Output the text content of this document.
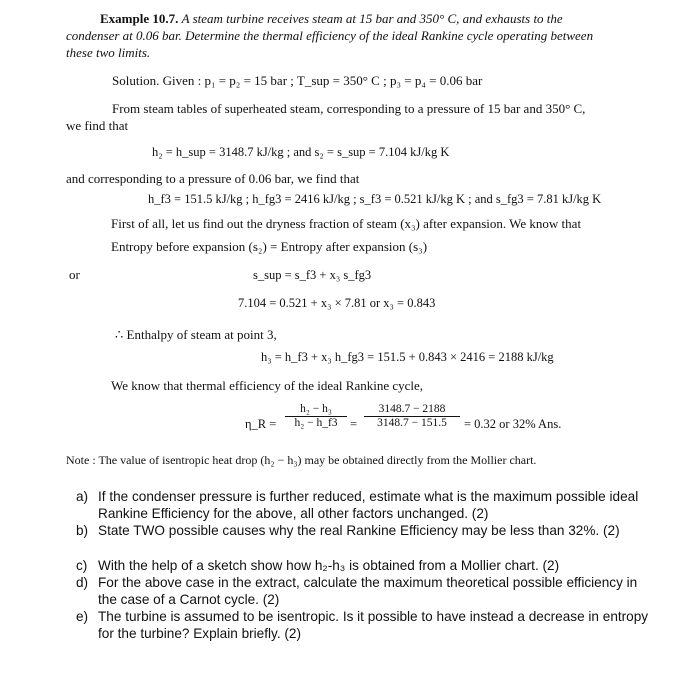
Example 10.7. A steam turbine receives steam at 15 bar and 350° C, and exhausts to the
condenser at 0.06 bar. Determine the thermal efficiency of the ideal Rankine cycle operating between
these two limits.
Solution. Given : p₁ = p₂ = 15 bar ; T_sup = 350° C ; p₃ = p₄ = 0.06 bar
From steam tables of superheated steam, corresponding to a pressure of 15 bar and 350° C,
we find that
h₂ = h_sup = 3148.7 kJ/kg ; and s₂ = s_sup = 7.104 kJ/kg K
and corresponding to a pressure of 0.06 bar, we find that
h_f3 = 151.5 kJ/kg ; h_fg3 = 2416 kJ/kg ; s_f3 = 0.521 kJ/kg K ; and s_fg3 = 7.81 kJ/kg K
First of all, let us find out the dryness fraction of steam (x₃) after expansion. We know that
Entropy before expansion (s₂) = Entropy after expansion (s₃)
or	s_sup = s_f3 + x₃ s_fg3
7.104 = 0.521 + x₃ × 7.81 or x₃ = 0.843
∴ Enthalpy of steam at point 3,
h₃ = h_f3 + x₃ h_fg3 = 151.5 + 0.843 × 2416 = 2188 kJ/kg
We know that thermal efficiency of the ideal Rankine cycle,
η_R = $\frac{\text{h₂ − h₃}}{\text{h₂ − h\_f3}} = \frac{3148.7 - 2188}{3148.7 - 151.5} = 0.32$ or 32% Ans.
Note : The value of isentropic heat drop (h₂ − h₃) may be obtained directly from the Mollier chart.
a) If the condenser pressure is further reduced, estimate what is the maximum possible ideal Rankine Efficiency for the above, all other factors unchanged. (2)
b) State TWO possible causes why the real Rankine Efficiency may be less than 32%. (2)
c) With the help of a sketch show how h₂-h₃ is obtained from a Mollier chart. (2)
d) For the above case in the extract, calculate the maximum theoretical possible efficiency in the case of a Carnot cycle. (2)
e) The turbine is assumed to be isentropic. Is it possible to have instead a decrease in entropy for the turbine? Explain briefly. (2)
